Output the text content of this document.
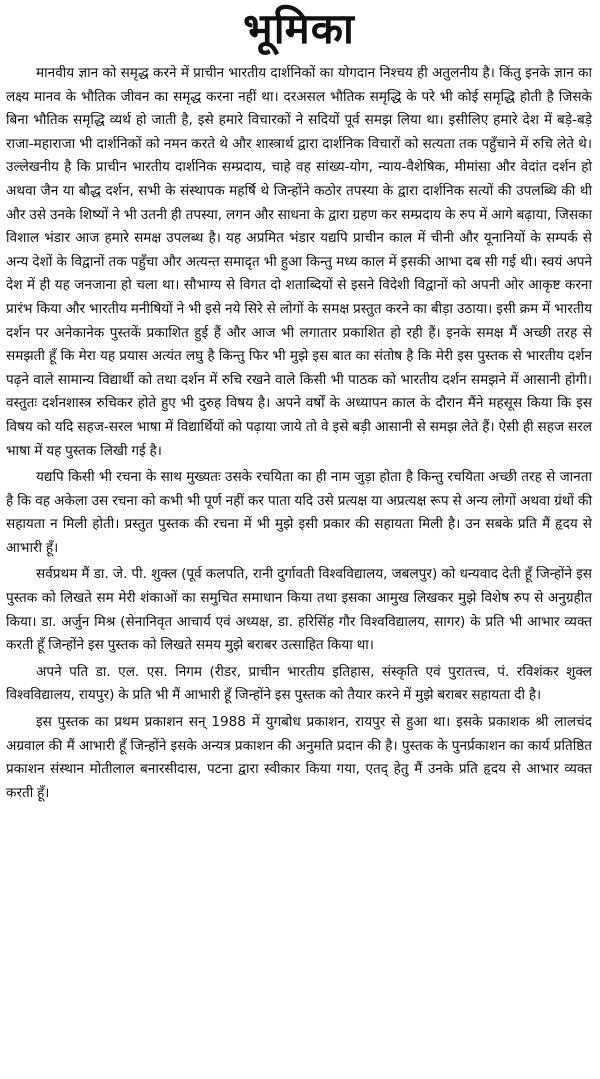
भूमिका

मानवीय ज्ञान को समृद्ध करने में प्राचीन भारतीय दार्शनिकों का योगदान निश्चय ही अतुलनीय है। किंतु इनके ज्ञान का लक्ष्य मानव के भौतिक जीवन का समृद्ध करना नहीं था। दरअसल भौतिक समृद्धि के परे भी कोई समृद्धि होती है जिसके बिना भौतिक समृद्धि व्यर्थ हो जाती है, इसे हमारे विचारकों ने सदियों पूर्व समझ लिया था। इसीलिए हमारे देश में बड़े-बड़े राजा-महाराजा भी दार्शनिकों को नमन करते थे और शास्त्रार्थ द्वारा दार्शनिक विचारों को सत्यता तक पहुँचाने में रुचि लेते थे। उल्लेखनीय है कि प्राचीन भारतीय दार्शनिक सम्प्रदाय, चाहे वह सांख्य-योग, न्याय-वैशेषिक, मीमांसा और वेदांत दर्शन हो अथवा जैन या बौद्ध दर्शन, सभी के संस्थापक महर्षि थे जिन्होंने कठोर तपस्या के द्वारा दार्शनिक सत्यों की उपलब्धि की थी और उसे उनके शिष्यों ने भी उतनी ही तपस्या, लगन और साधना के द्वारा ग्रहण कर सम्प्रदाय के रुप में आगे बढ़ाया, जिसका विशाल भंडार आज हमारे समक्ष उपलब्ध है। यह अप्रमित भंडार यद्यपि प्राचीन काल में चीनी और यूनानियों के सम्पर्क से अन्य देशों के विद्वानों तक पहुँचा और अत्यन्त समादृत भी हुआ किन्तु मध्य काल में इसकी आभा दब सी गई थी। स्वयं अपने देश में ही यह जनजाना हो चला था। सौभाग्य से विगत दो शताब्दियों से इसने विदेशी विद्वानों को अपनी ओर आकृष्ट करना प्रारंभ किया और भारतीय मनीषियों ने भी इसे नये सिरे से लोगों के समक्ष प्रस्तुत करने का बीड़ा उठाया। इसी क्रम में भारतीय दर्शन पर अनेकानेक पुस्तकें प्रकाशित हुई हैं और आज भी लगातार प्रकाशित हो रही हैं। इनके समक्ष मैं अच्छी तरह से समझती हूँ कि मेरा यह प्रयास अत्यंत लघु है किन्तु फिर भी मुझे इस बात का संतोष है कि मेरी इस पुस्तक से भारतीय दर्शन पढ़ने वाले सामान्य विद्यार्थी को तथा दर्शन में रुचि रखने वाले किसी भी पाठक को भारतीय दर्शन समझने में आसानी होगी। वस्तुतः दर्शनशास्त्र रुचिकर होते हुए भी दुरुह विषय है। अपने वर्षों के अध्यापन काल के दौरान मैंने महसूस किया कि इस विषय को यदि सहज-सरल भाषा में विद्यार्थियों को पढ़ाया जाये तो वे इसे बड़ी आसानी से समझ लेते हैं। ऐसी ही सहज सरल भाषा में यह पुस्तक लिखी गई है।

यद्यपि किसी भी रचना के साथ मुख्यतः उसके रचयिता का ही नाम जुड़ा होता है किन्तु रचयिता अच्छी तरह से जानता है कि वह अकेला उस रचना को कभी भी पूर्ण नहीं कर पाता यदि उसे प्रत्यक्ष या अप्रत्यक्ष रूप से अन्य लोगों अथवा ग्रंथों की सहायता न मिली होती। प्रस्तुत पुस्तक की रचना में भी मुझे इसी प्रकार की सहायता मिली है। उन सबके प्रति मैं हृदय से आभारी हूँ।

सर्वप्रथम मैं डा. जे. पी. शुक्ल (पूर्व कलपति, रानी दुर्गावती विश्वविद्यालय, जबलपुर) को धन्यवाद देती हूँ जिन्होंने इस पुस्तक को लिखते सम मेरी शंकाओं का समुचित समाधान किया तथा इसका आमुख लिखकर मुझे विशेष रुप से अनुग्रहीत किया। डा. अर्जुन मिश्र (सेनानिवृत आचार्य एवं अध्यक्ष, डा. हरिसिंह गौर विश्वविद्यालय, सागर) के प्रति भी आभार व्यक्त करती हूँ जिन्होंने इस पुस्तक को लिखते समय मुझे बराबर उत्साहित किया था।

अपने पति डा. एल. एस. निगम (रीडर, प्राचीन भारतीय इतिहास, संस्कृति एवं पुरातत्त्व, पं. रविशंकर शुक्ल विश्वविद्यालय, रायपुर) के प्रति भी मैं आभारी हूँ जिन्होंने इस पुस्तक को तैयार करने में मुझे बराबर सहायता दी है।

इस पुस्तक का प्रथम प्रकाशन सन् 1988 में युगबोध प्रकाशन, रायपुर से हुआ था। इसके प्रकाशक श्री लालचंद अग्रवाल की मैं आभारी हूँ जिन्होंने इसके अन्यत्र प्रकाशन की अनुमति प्रदान की है। पुस्तक के पुनर्प्रकाशन का कार्य प्रतिष्ठित प्रकाशन संस्थान मोतीलाल बनारसीदास, पटना द्वारा स्वीकार किया गया, एतद् हेतु मैं उनके प्रति हृदय से आभार व्यक्त करती हूँ।
